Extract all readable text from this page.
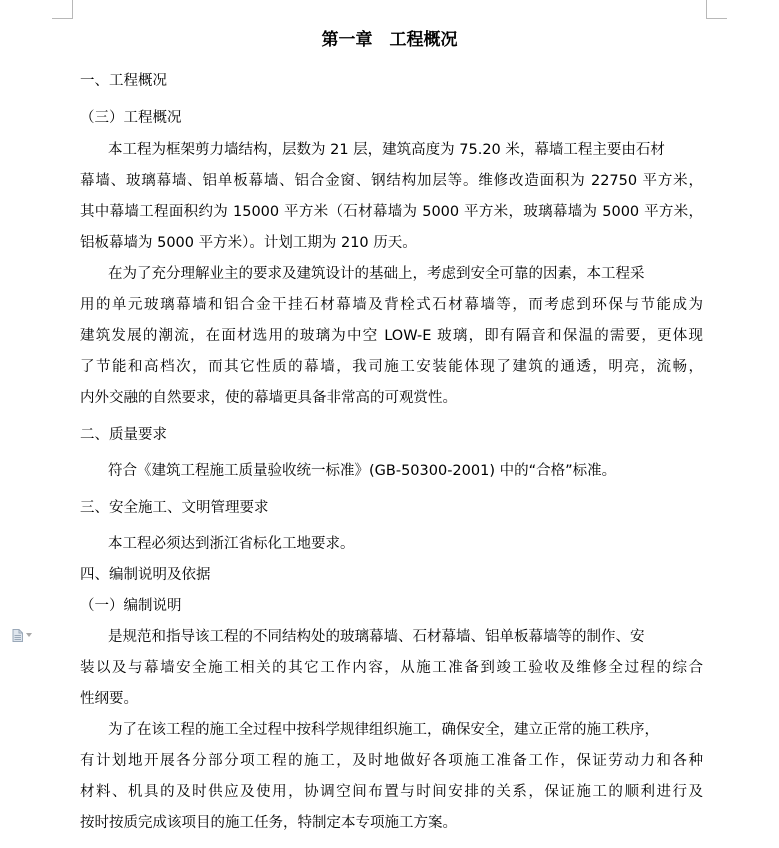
第一章　工程概况
一、工程概况
（三）工程概况
本工程为框架剪力墙结构，层数为 21 层，建筑高度为 75.20 米，幕墙工程主要由石材
幕墙、玻璃幕墙、铝单板幕墙、铝合金窗、钢结构加层等。维修改造面积为 22750 平方米，
其中幕墙工程面积约为 15000 平方米（石材幕墙为 5000 平方米，玻璃幕墙为 5000 平方米，
铝板幕墙为 5000 平方米）。计划工期为 210 历天。
在为了充分理解业主的要求及建筑设计的基础上，考虑到安全可靠的因素，本工程采
用的单元玻璃幕墙和铝合金干挂石材幕墙及背栓式石材幕墙等，而考虑到环保与节能成为
建筑发展的潮流，在面材选用的玻璃为中空 LOW-E 玻璃，即有隔音和保温的需要，更体现
了节能和高档次，而其它性质的幕墙，我司施工安装能体现了建筑的通透，明亮，流畅，
内外交融的自然要求，使的幕墙更具备非常高的可观赏性。
二、质量要求
符合《建筑工程施工质量验收统一标准》(GB-50300-2001) 中的“合格”标准。
三、安全施工、文明管理要求
本工程必须达到浙江省标化工地要求。
四、编制说明及依据
（一）编制说明
是规范和指导该工程的不同结构处的玻璃幕墙、石材幕墙、铝单板幕墙等的制作、安
装以及与幕墙安全施工相关的其它工作内容，从施工准备到竣工验收及维修全过程的综合
性纲要。
为了在该工程的施工全过程中按科学规律组织施工，确保安全，建立正常的施工秩序，
有计划地开展各分部分项工程的施工，及时地做好各项施工准备工作，保证劳动力和各种
材料、机具的及时供应及使用，协调空间布置与时间安排的关系，保证施工的顺利进行及
按时按质完成该项目的施工任务，特制定本专项施工方案。
